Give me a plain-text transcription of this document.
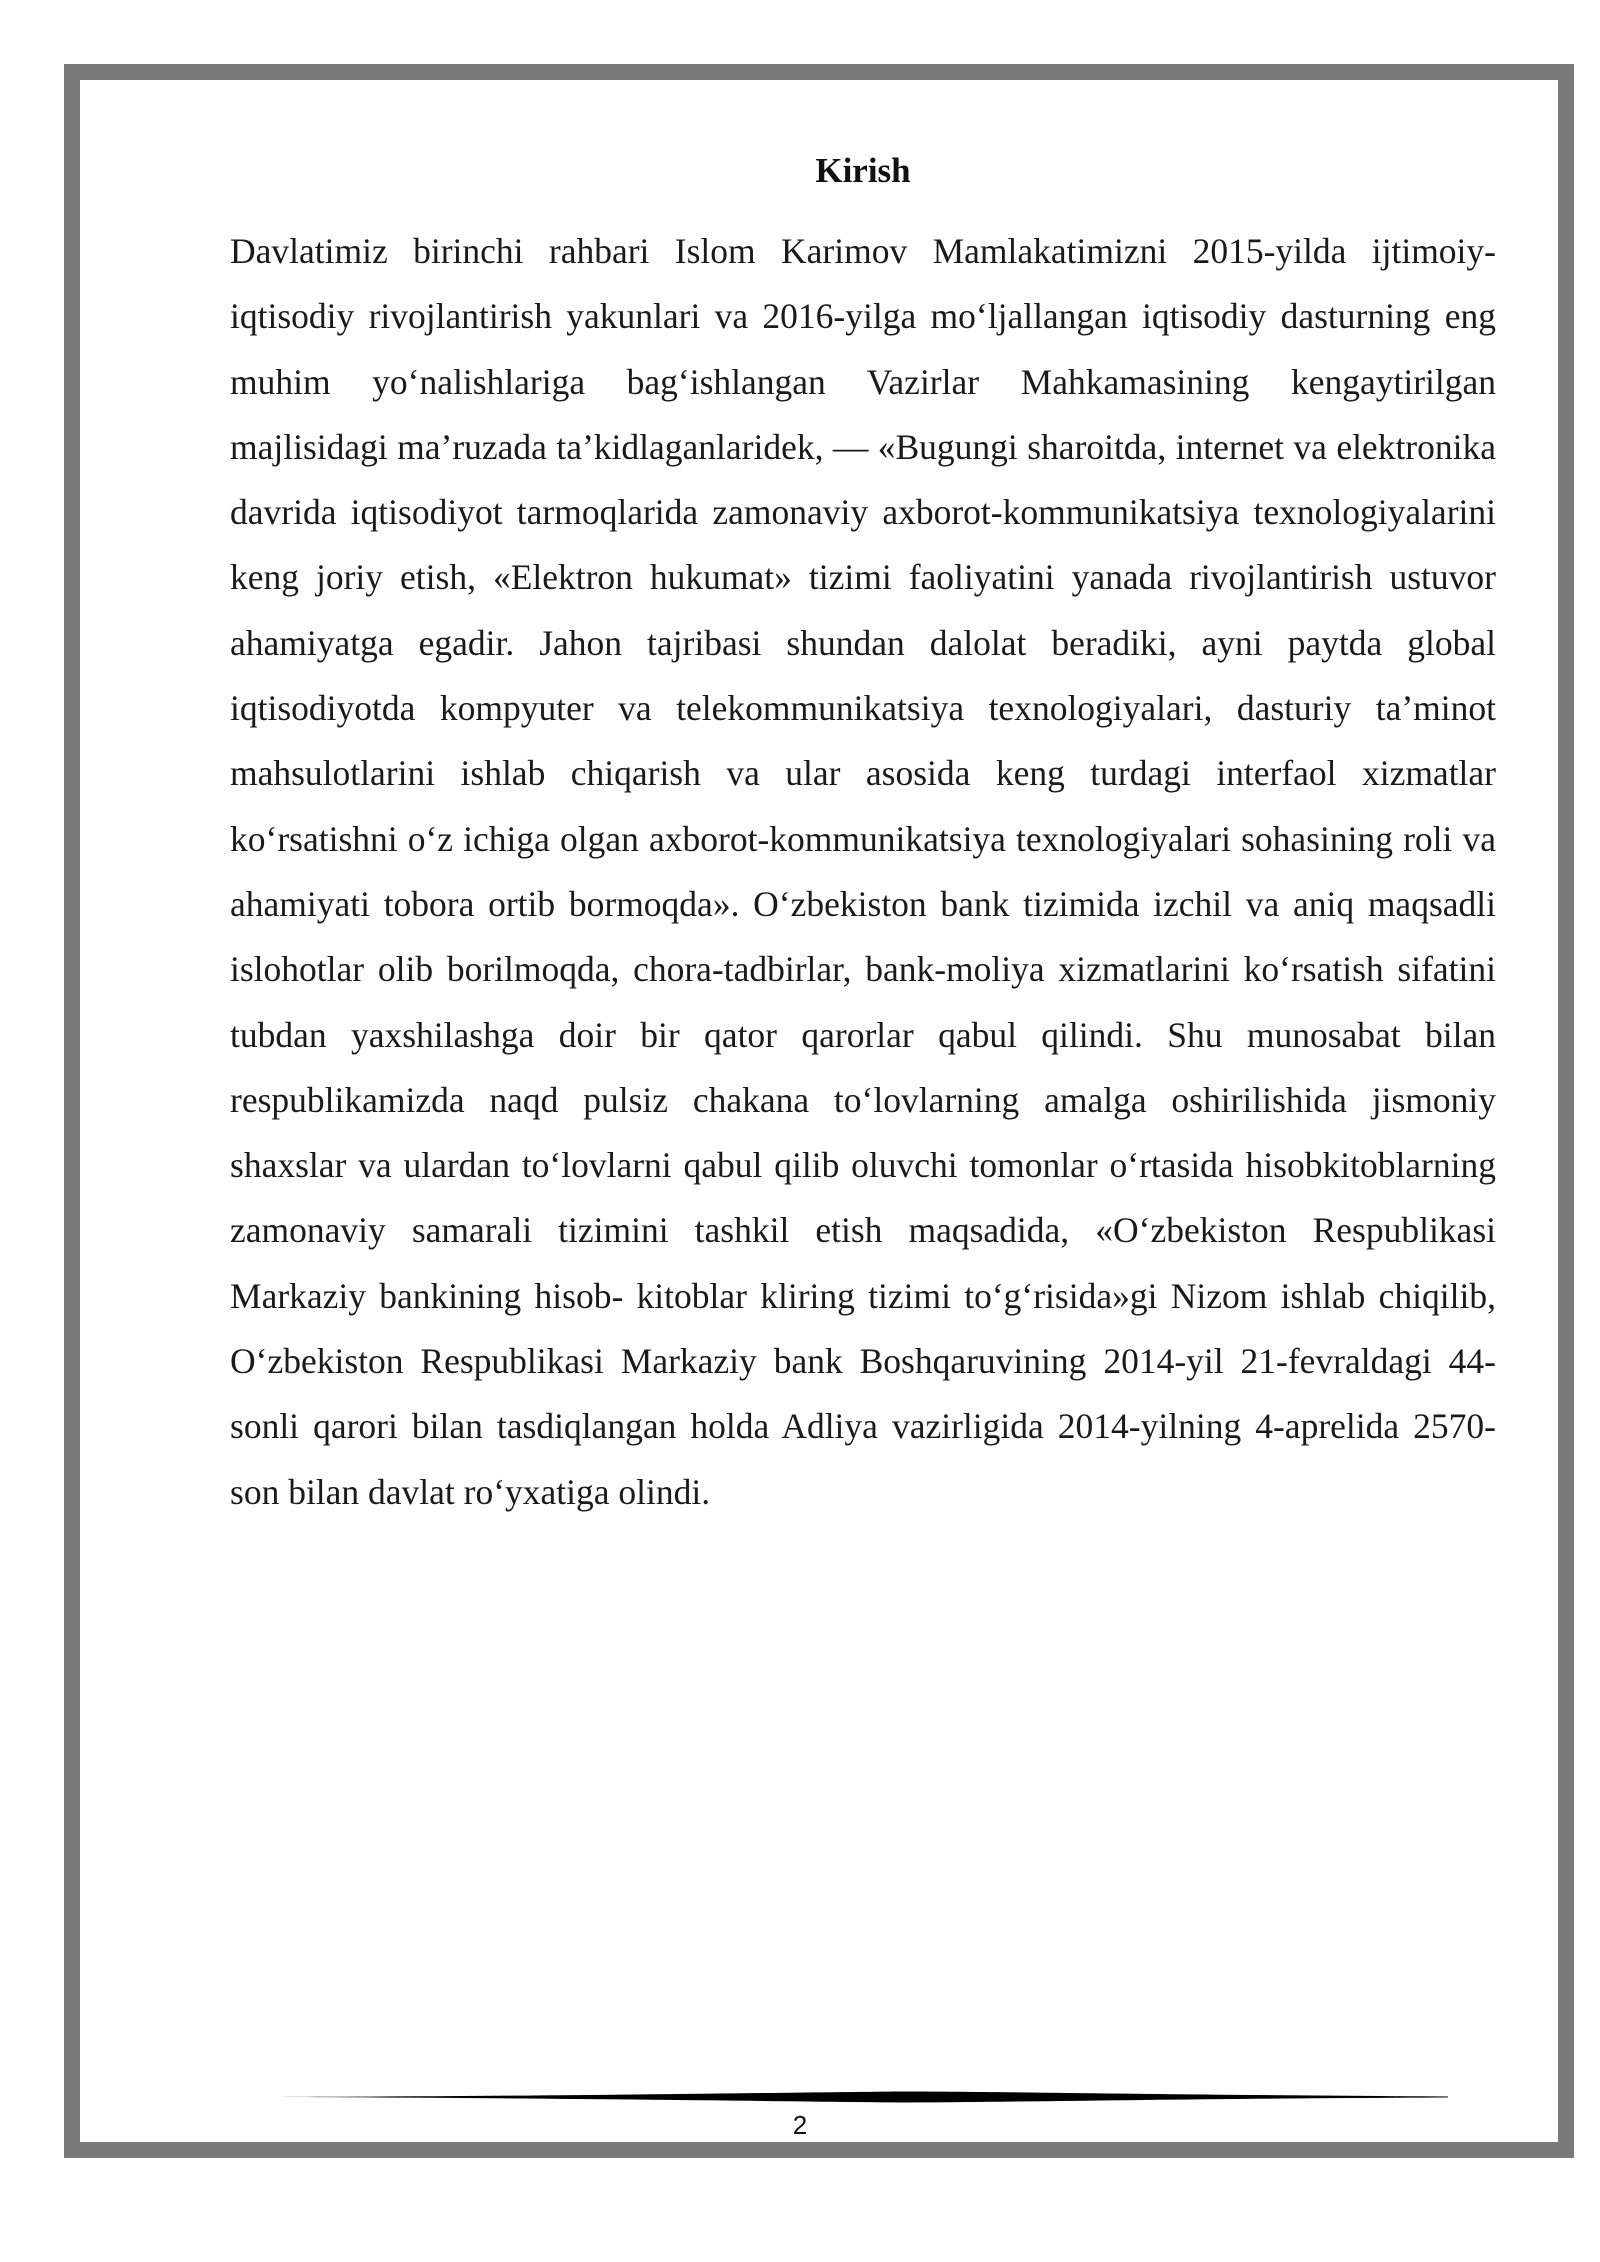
Kirish

Davlatimiz birinchi rahbari Islom Karimov Mamlakatimizni 2015-yilda ijtimoiy-iqtisodiy rivojlantirish yakunlari va 2016-yilga mo‘ljallangan iqtisodiy dasturning eng muhim yo‘nalishlariga bag‘ishlangan Vazirlar Mahkamasining kengaytirilgan majlisidagi ma’ruzada ta’kidlaganlaridek, — «Bugungi sharoitda, internet va elektronika davrida iqtisodiyot tarmoqlarida zamonaviy axborot-kommunikatsiya texnologiyalarini keng joriy etish, «Elektron hukumat» tizimi faoliyatini yanada rivojlantirish ustuvor ahamiyatga egadir. Jahon tajribasi shundan dalolat beradiki, ayni paytda global iqtisodiyotda kompyuter va telekommunikatsiya texnologiyalari, dasturiy ta’minot mahsulotlarini ishlab chiqarish va ular asosida keng turdagi interfaol xizmatlar ko‘rsatishni o‘z ichiga olgan axborot-kommunikatsiya texnologiyalari sohasining roli va ahamiyati tobora ortib bormoqda». O‘zbekiston bank tizimida izchil va aniq maqsadli islohotlar olib borilmoqda, chora-tadbirlar, bank-moliya xizmatlarini ko‘rsatish sifatini tubdan yaxshilashga doir bir qator qarorlar qabul qilindi. Shu munosabat bilan respublikamizda naqd pulsiz chakana to‘lovlarning amalga oshirilishida jismoniy shaxslar va ulardan to‘lovlarni qabul qilib oluvchi tomonlar o‘rtasida hisobkitoblarning zamonaviy samarali tizimini tashkil etish maqsadida, «O‘zbekiston Respublikasi Markaziy bankining hisob- kitoblar kliring tizimi to‘g‘risida»gi Nizom ishlab chiqilib, O‘zbekiston Respublikasi Markaziy bank Boshqaruvining 2014-yil 21-fevraldagi 44-sonli qarori bilan tasdiqlangan holda Adliya vazirligida 2014-yilning 4-aprelida 2570-son bilan davlat ro‘yxatiga olindi.

2
